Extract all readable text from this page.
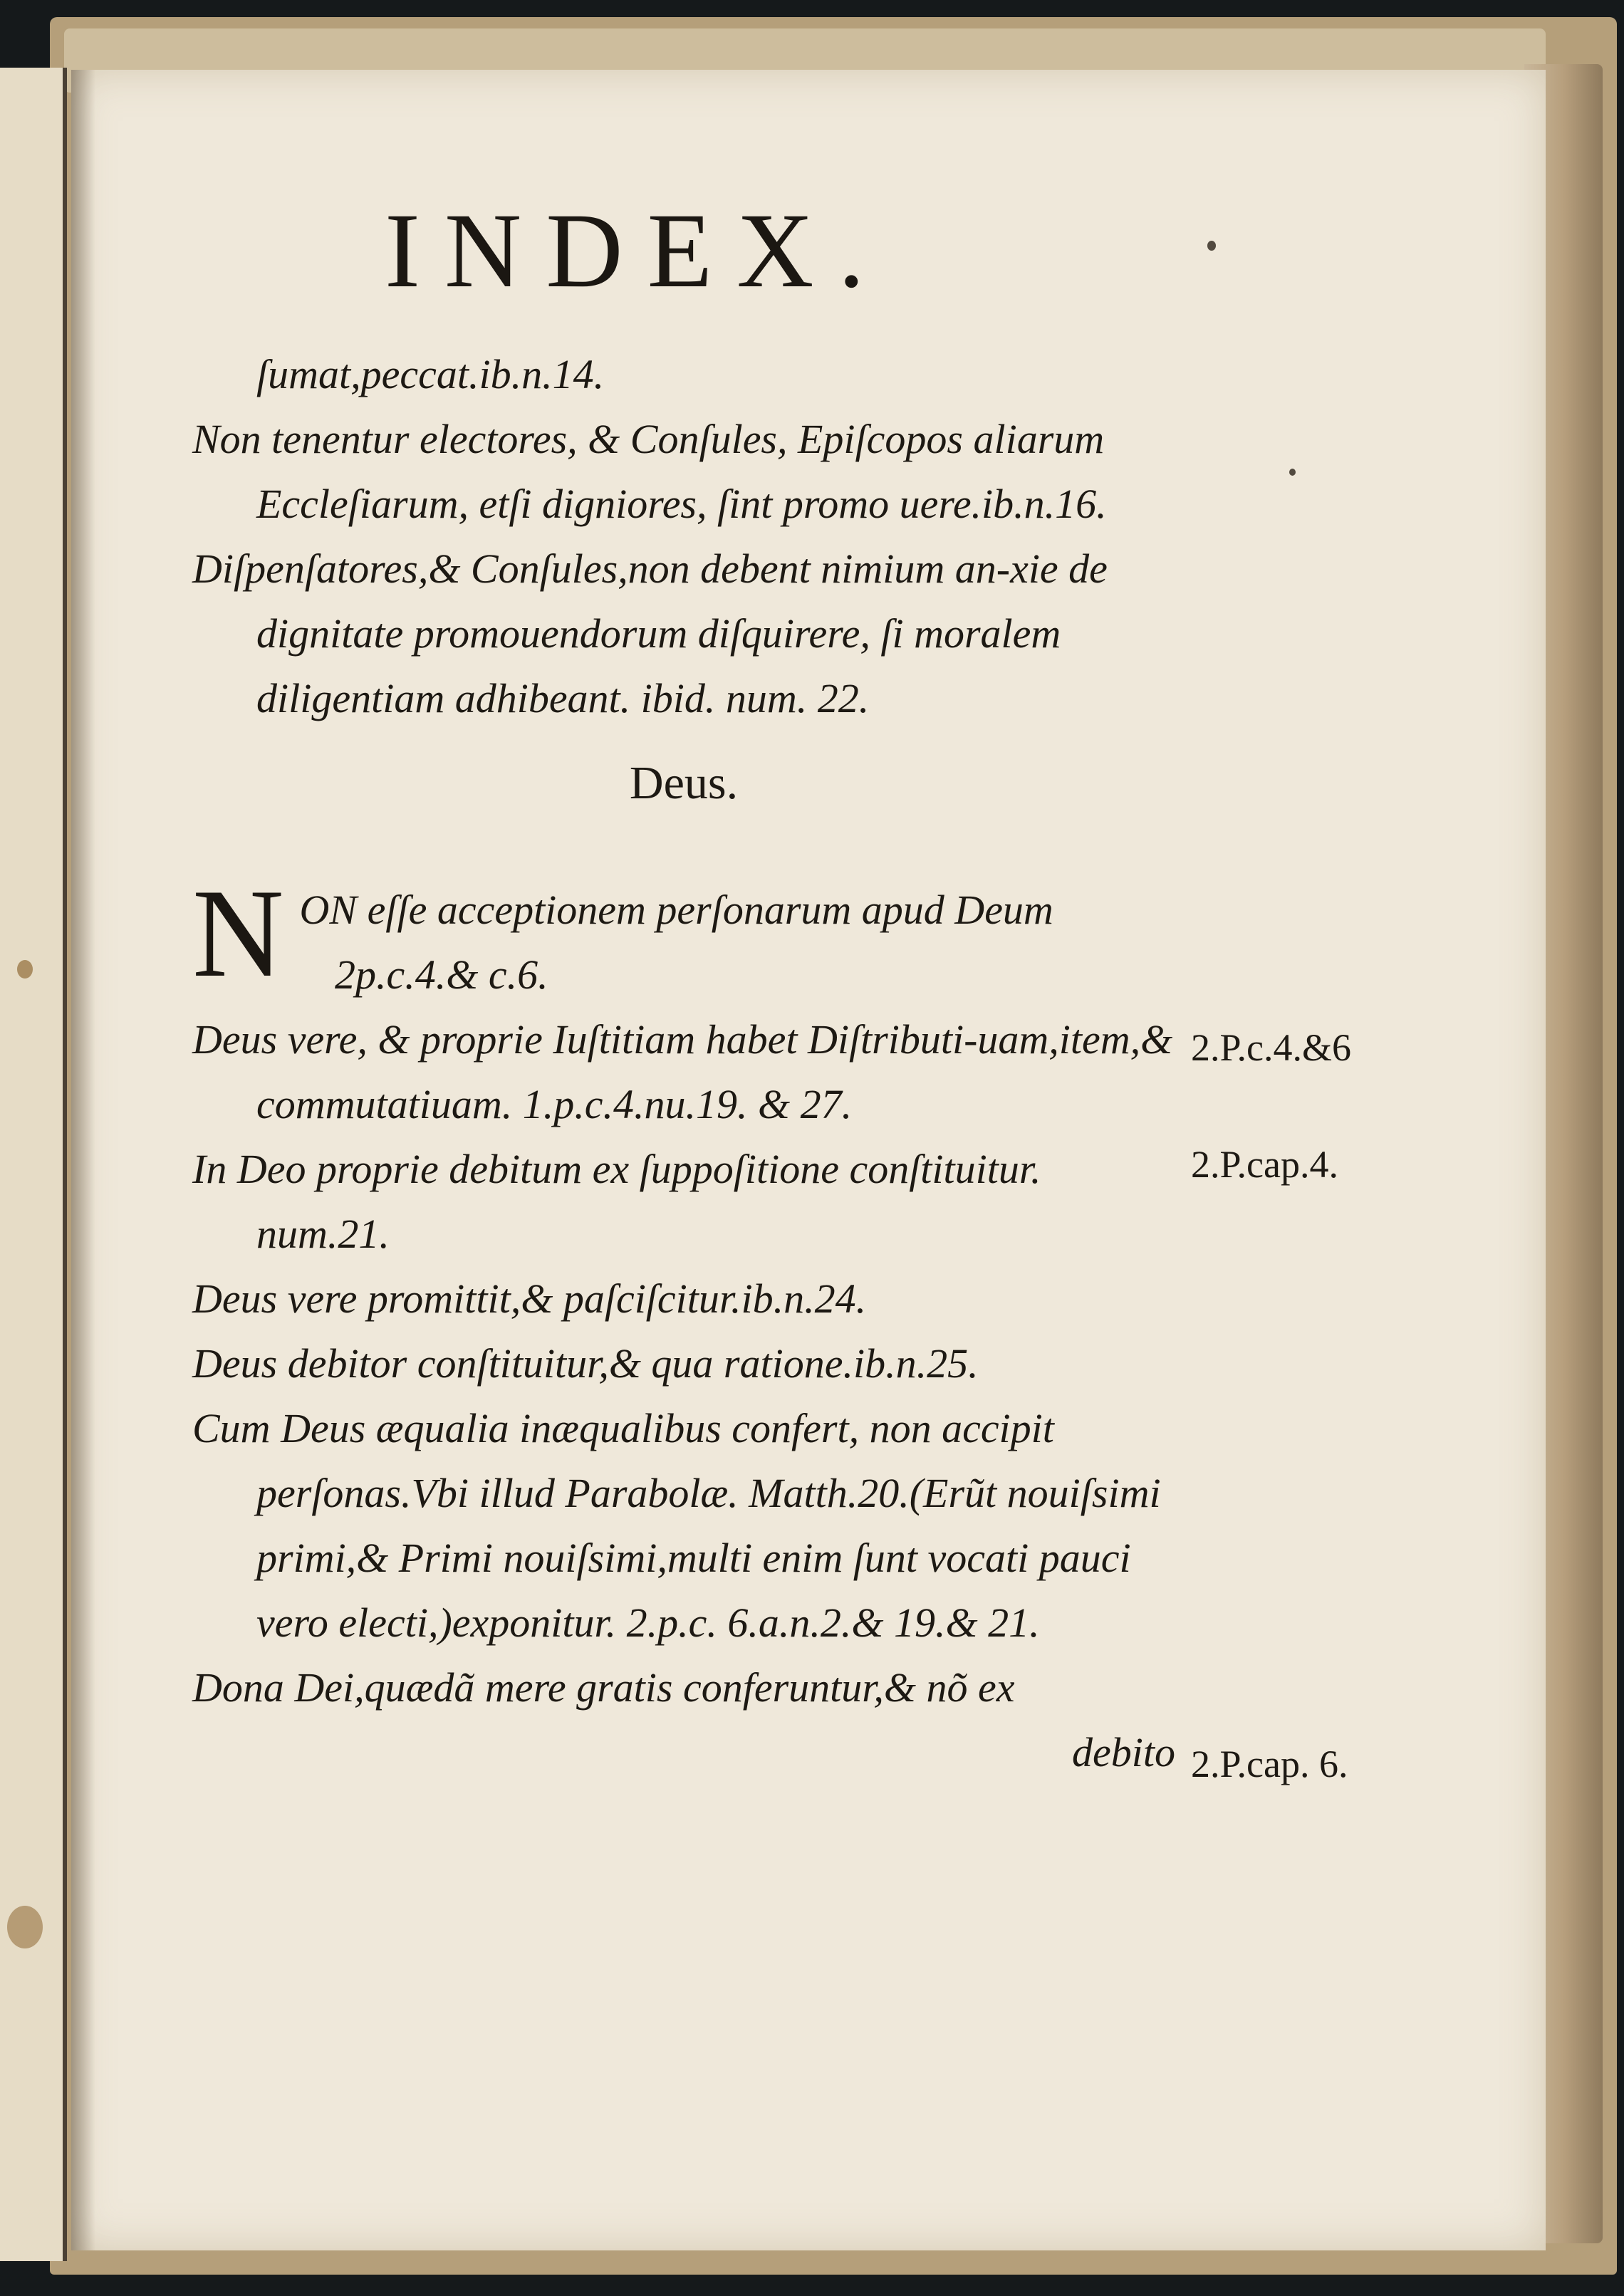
INDEX.

ſumat,peccat.ib.n.14.

Non tenentur electores, & Conſules, Epiſcopos aliarum Eccleſiarum, etſi digniores, ſint promo uere.ib.n.16.

Diſpenſatores,& Conſules,non debent nimium an-xie de dignitate promouendorum diſquirere, ſi moralem diligentiam adhibeant. ibid. num. 22.

Deus.
N ON eſſe acceptionem perſonarum apud Deum
2p.c.4.& c.6.

Deus vere, & proprie Iuſtitiam habet Diſtributi-uam,item,& commutatiuam. 1.p.c.4.nu.19. & 27.

In Deo proprie debitum ex ſuppoſitione conſtituitur. num.21.

Deus vere promittit,& paſciſcitur.ib.n.24.

Deus debitor conſtituitur,& qua ratione.ib.n.25.

Cum Deus æqualia inæqualibus confert, non accipit perſonas.Vbi illud Parabolæ. Matth.20.(Erũt nouiſsimi primi,& Primi nouiſsimi,multi enim ſunt vocati pauci vero electi,)exponitur. 2.p.c. 6.a.n.2.& 19.& 21.

Dona Dei,quædã mere gratis conferuntur,& nõ ex

debito

2.P.c.4.&6
2.P.cap.4.
2.P.cap. 6.
